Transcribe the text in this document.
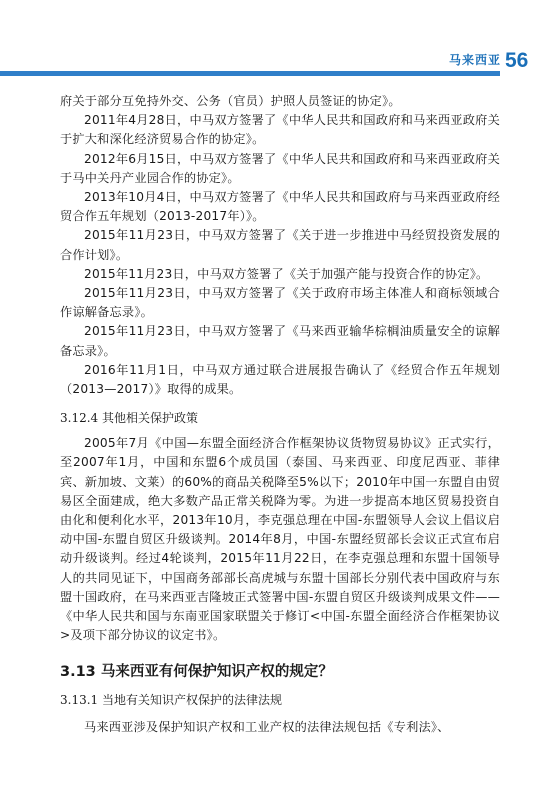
马来西亚 56
府关于部分互免持外交、公务（官员）护照人员签证的协定》。
2011年4月28日，中马双方签署了《中华人民共和国政府和马来西亚政府关于扩大和深化经济贸易合作的协定》。
2012年6月15日，中马双方签署了《中华人民共和国政府和马来西亚政府关于马中关丹产业园合作的协定》。
2013年10月4日，中马双方签署了《中华人民共和国政府与马来西亚政府经贸合作五年规划（2013-2017年）》。
2015年11月23日，中马双方签署了《关于进一步推进中马经贸投资发展的合作计划》。
2015年11月23日，中马双方签署了《关于加强产能与投资合作的协定》。
2015年11月23日，中马双方签署了《关于政府市场主体准人和商标领域合作谅解备忘录》。
2015年11月23日，中马双方签署了《马来西亚输华棕榈油质量安全的谅解备忘录》。
2016年11月1日，中马双方通过联合进展报告确认了《经贸合作五年规划（2013—2017）》取得的成果。
3.12.4 其他相关保护政策
2005年7月《中国—东盟全面经济合作框架协议货物贸易协议》正式实行，至2007年1月，中国和东盟6个成员国（泰国、马来西亚、印度尼西亚、菲律宾、新加坡、文莱）的60%的商品关税降至5%以下；2010年中国一东盟自由贸易区全面建成，绝大多数产品正常关税降为零。为进一步提高本地区贸易投资自由化和便利化水平，2013年10月，李克强总理在中国-东盟领导人会议上倡议启动中国-东盟自贸区升级谈判。2014年8月，中国-东盟经贸部长会议正式宣布启动升级谈判。经过4轮谈判，2015年11月22日，在李克强总理和东盟十国领导人的共同见证下，中国商务部部长高虎城与东盟十国部长分别代表中国政府与东盟十国政府，在马来西亚吉隆坡正式签署中国-东盟自贸区升级谈判成果文件——《中华人民共和国与东南亚国家联盟关于修订<中国-东盟全面经济合作框架协议>及项下部分协议的议定书》。
3.13 马来西亚有何保护知识产权的规定？
3.13.1 当地有关知识产权保护的法律法规
马来西亚涉及保护知识产权和工业产权的法律法规包括《专利法》、
